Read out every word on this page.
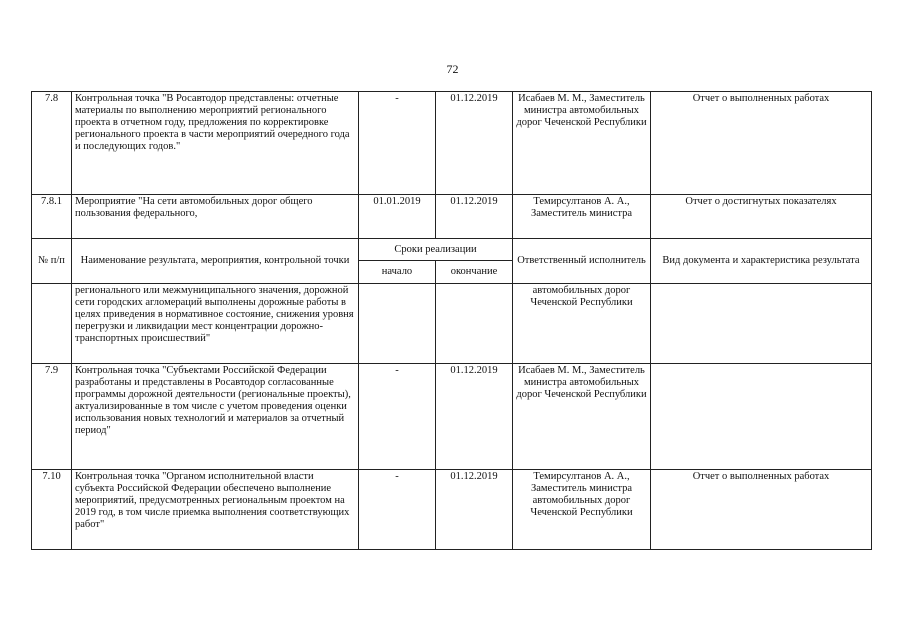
72
7.8	Контрольная точка "В Росавтодор представлены: отчетные материалы по выполнению мероприятий регионального проекта в отчетном году, предложения по корректировке регионального проекта в части мероприятий очередного года и последующих годов."	-	01.12.2019	Исабаев М. М., Заместитель министра автомобильных дорог Чеченской Республики	Отчет о выполненных работах
7.8.1	Мероприятие "На сети автомобильных дорог общего пользования федерального,	01.01.2019	01.12.2019	Темирсултанов А. А., Заместитель министра	Отчет о достигнутых показателях
№ п/п	Наименование результата, мероприятия, контрольной точки	Сроки реализации		Ответственный исполнитель	Вид документа и характеристика результата
		начало	окончание		
	регионального или межмуниципального значения, дорожной сети городских агломераций выполнены дорожные работы в целях приведения в нормативное состояние, снижения уровня перегрузки и ликвидации мест концентрации дорожно-транспортных происшествий"			автомобильных дорог Чеченской Республики	
7.9	Контрольная точка "Субъектами Российской Федерации разработаны и представлены в Росавтодор согласованные программы дорожной деятельности (региональные проекты), актуализированные в том числе с учетом проведения оценки использования новых технологий и материалов за отчетный период"	-	01.12.2019	Исабаев М. М., Заместитель министра автомобильных дорог Чеченской Республики	
7.10	Контрольная точка "Органом исполнительной власти субъекта Российской Федерации обеспечено выполнение мероприятий, предусмотренных региональным проектом на 2019 год, в том числе приемка выполнения соответствующих работ"	-	01.12.2019	Темирсултанов А. А., Заместитель министра автомобильных дорог Чеченской Республики	Отчет о выполненных работах
